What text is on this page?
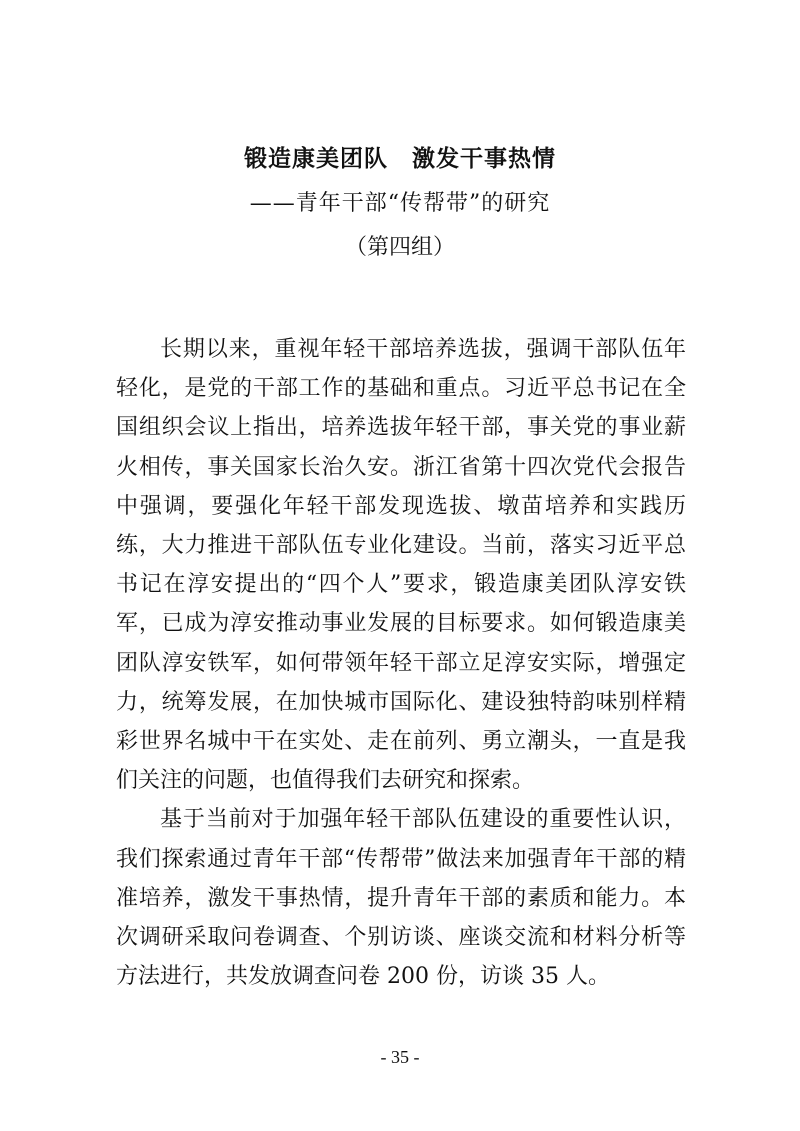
锻造康美团队　激发干事热情
——青年干部“传帮带”的研究
（第四组）

长期以来，重视年轻干部培养选拔，强调干部队伍年轻化，是党的干部工作的基础和重点。习近平总书记在全国组织会议上指出，培养选拔年轻干部，事关党的事业薪火相传，事关国家长治久安。浙江省第十四次党代会报告中强调，要强化年轻干部发现选拔、墩苗培养和实践历练，大力推进干部队伍专业化建设。当前，落实习近平总书记在淳安提出的“四个人”要求，锻造康美团队淳安铁军，已成为淳安推动事业发展的目标要求。如何锻造康美团队淳安铁军，如何带领年轻干部立足淳安实际，增强定力，统筹发展，在加快城市国际化、建设独特韵味别样精彩世界名城中干在实处、走在前列、勇立潮头，一直是我们关注的问题，也值得我们去研究和探索。

基于当前对于加强年轻干部队伍建设的重要性认识，我们探索通过青年干部“传帮带”做法来加强青年干部的精准培养，激发干事热情，提升青年干部的素质和能力。本次调研采取问卷调查、个别访谈、座谈交流和材料分析等方法进行，共发放调查问卷 200 份，访谈 35 人。

- 35 -
